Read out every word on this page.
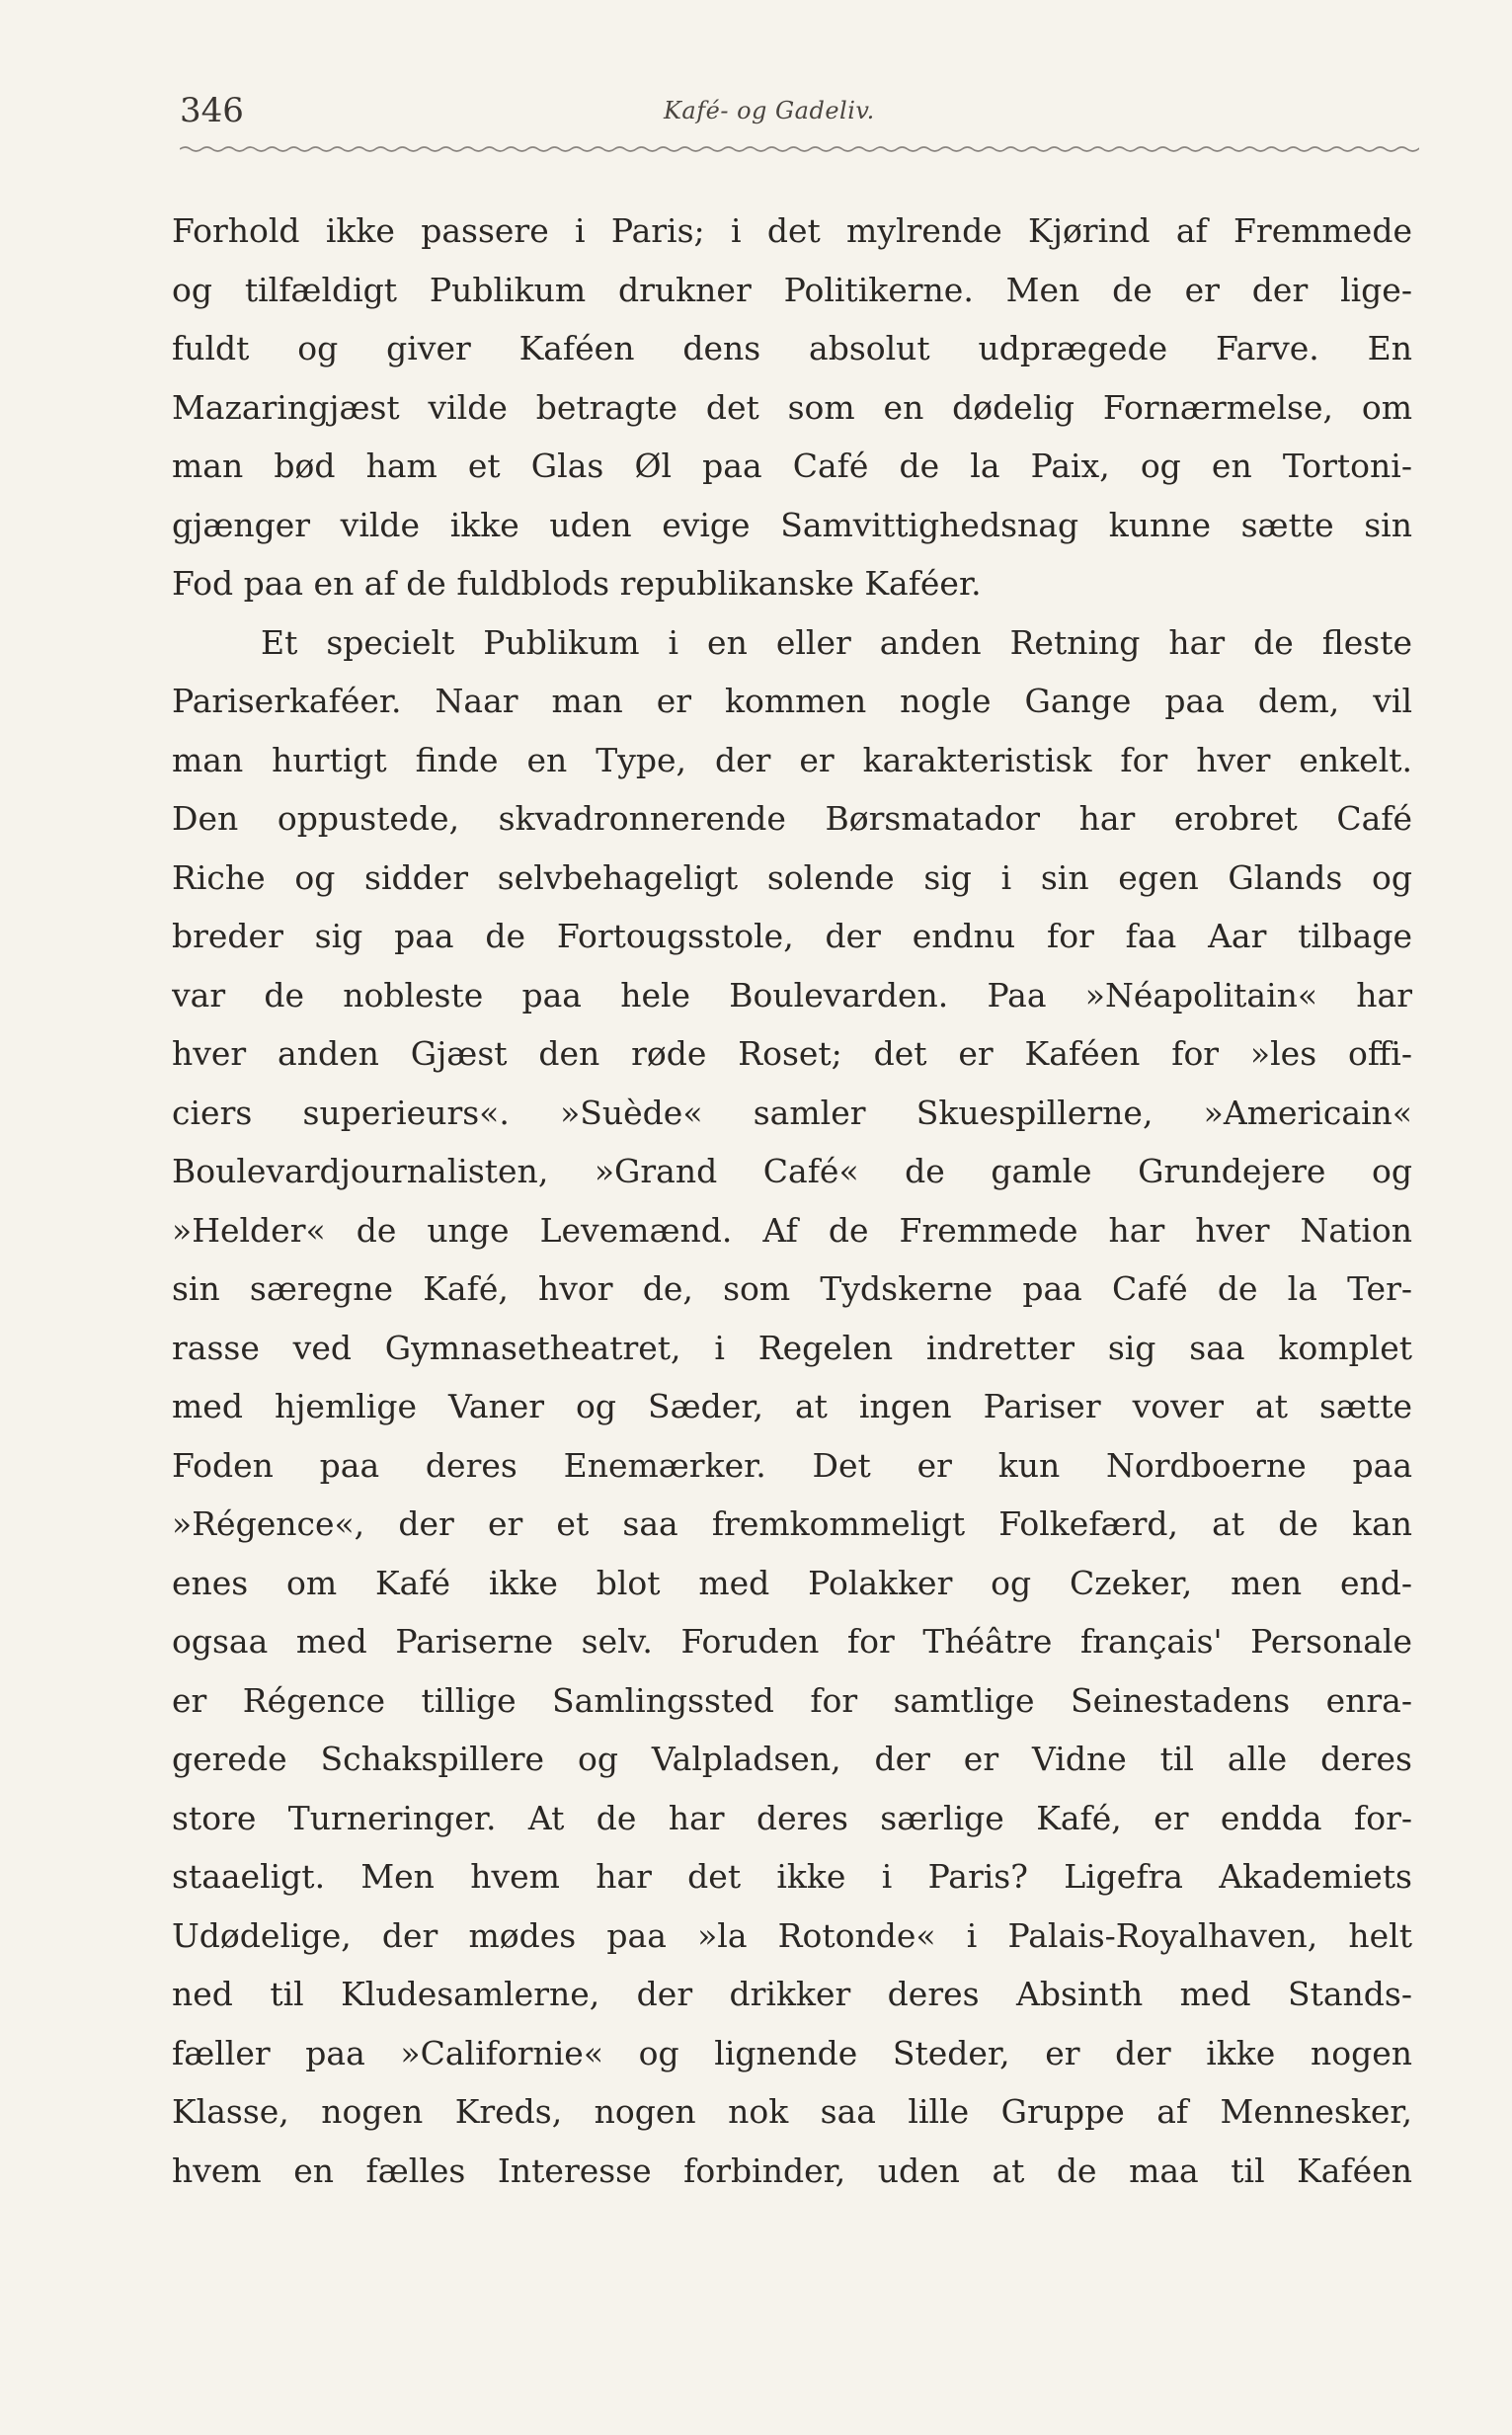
346	Kafé- og Gadeliv.
Forhold ikke passere i Paris; i det mylrende Kjørind af Fremmede
og tilfældigt Publikum drukner Politikerne. Men de er der lige-
fuldt og giver Kaféen dens absolut udprægede Farve. En
Mazaringjæst vilde betragte det som en dødelig Fornærmelse, om
man bød ham et Glas Øl paa Café de la Paix, og en Tortoni-
gjænger vilde ikke uden evige Samvittighedsnag kunne sætte sin
Fod paa en af de fuldblods republikanske Kaféer.
Et specielt Publikum i en eller anden Retning har de fleste
Pariserkaféer. Naar man er kommen nogle Gange paa dem, vil
man hurtigt finde en Type, der er karakteristisk for hver enkelt.
Den oppustede, skvadronnerende Børsmatador har erobret Café
Riche og sidder selvbehageligt solende sig i sin egen Glands og
breder sig paa de Fortougsstole, der endnu for faa Aar tilbage
var de nobleste paa hele Boulevarden. Paa »Néapolitain« har
hver anden Gjæst den røde Roset; det er Kaféen for »les offi-
ciers superieurs«. »Suède« samler Skuespillerne, »Americain«
Boulevardjournalisten, »Grand Café« de gamle Grundejere og
»Helder« de unge Levemænd. Af de Fremmede har hver Nation
sin særegne Kafé, hvor de, som Tydskerne paa Café de la Ter-
rasse ved Gymnasetheatret, i Regelen indretter sig saa komplet
med hjemlige Vaner og Sæder, at ingen Pariser vover at sætte
Foden paa deres Enemærker. Det er kun Nordboerne paa
»Régence«, der er et saa fremkommeligt Folkefærd, at de kan
enes om Kafé ikke blot med Polakker og Czeker, men end-
ogsaa med Pariserne selv. Foruden for Théâtre français' Personale
er Régence tillige Samlingssted for samtlige Seinestadens enra-
gerede Schakspillere og Valpladsen, der er Vidne til alle deres
store Turneringer. At de har deres særlige Kafé, er endda for-
staaeligt. Men hvem har det ikke i Paris? Ligefra Akademiets
Udødelige, der mødes paa »la Rotonde« i Palais-Royalhaven, helt
ned til Kludesamlerne, der drikker deres Absinth med Stands-
fæller paa »Californie« og lignende Steder, er der ikke nogen
Klasse, nogen Kreds, nogen nok saa lille Gruppe af Mennesker,
hvem en fælles Interesse forbinder, uden at de maa til Kaféen
